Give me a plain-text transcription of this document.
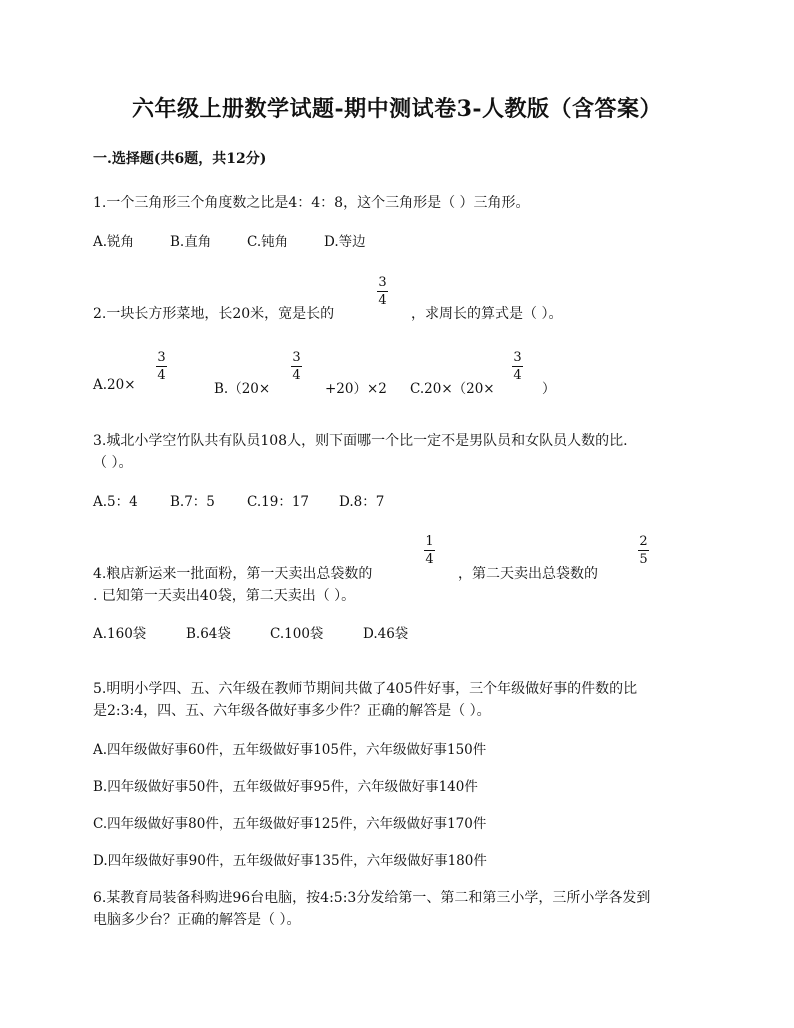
六年级上册数学试题-期中测试卷3-人教版（含答案）
一.选择题(共6题，共12分)
1.一个三角形三个角度数之比是4：4：8，这个三角形是（ ）三角形。
A.锐角	B.直角	C.钝角	D.等边
2.一块长方形菜地，长20米，宽是长的
3
4
，求周长的算式是（ ）。
A.20×
3
4
B.（20×
3
4
+20）×2 C.20×（20×
3
4
）
3.城北小学空竹队共有队员108人，则下面哪一个比一定不是男队员和女队员人数的比.
（ ）。
A.5：4 B.7：5 C.19：17 D.8：7
4.粮店新运来一批面粉，第一天卖出总袋数的
1
4
，第二天卖出总袋数的
2
5
. 已知第一天卖出40袋，第二天卖出（ ）。
A.160袋	B.64袋	C.100袋	D.46袋
5.明明小学四、五、六年级在教师节期间共做了405件好事，三个年级做好事的件数的比
是2:3:4，四、五、六年级各做好事多少件？正确的解答是（ ）。
A.四年级做好事60件，五年级做好事105件，六年级做好事150件
B.四年级做好事50件，五年级做好事95件，六年级做好事140件
C.四年级做好事80件，五年级做好事125件，六年级做好事170件
D.四年级做好事90件，五年级做好事135件，六年级做好事180件
6.某教育局装备科购进96台电脑，按4:5:3分发给第一、第二和第三小学，三所小学各发到
电脑多少台？正确的解答是（ ）。
